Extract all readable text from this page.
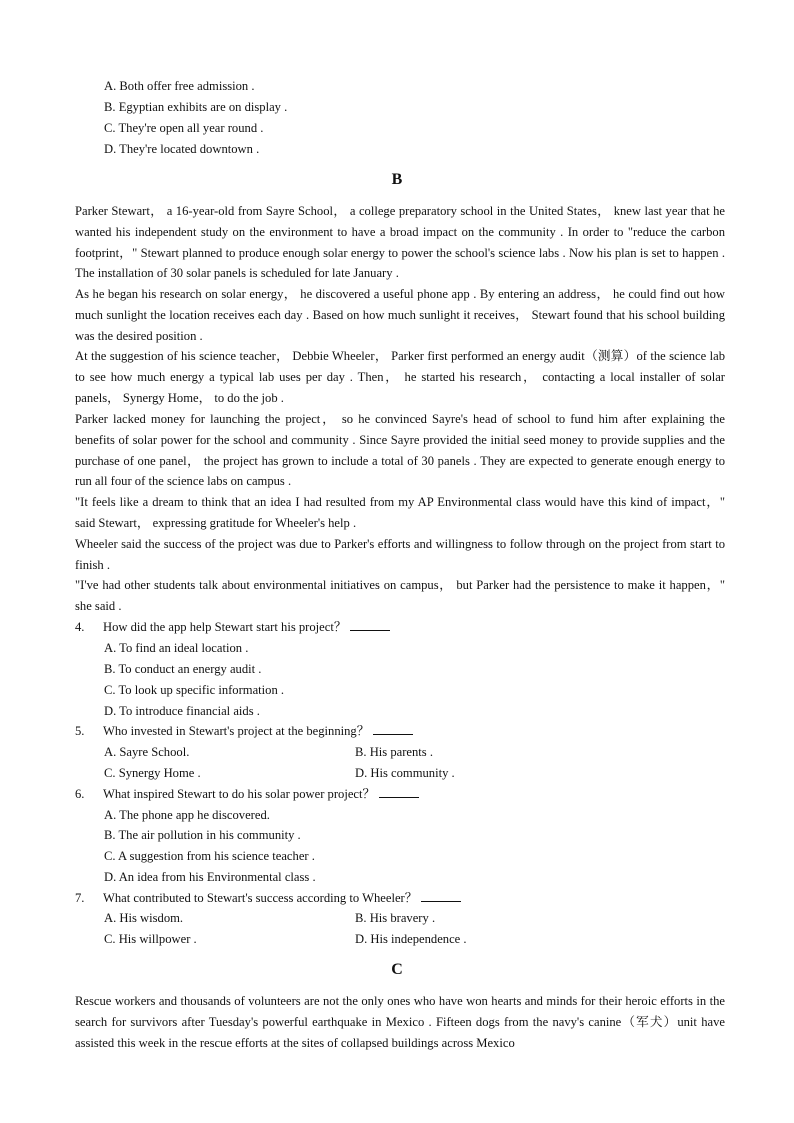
A. Both offer free admission .
B. Egyptian exhibits are on display .
C. They're open all year round .
D. They're located downtown .
B
Parker Stewart， a 16-year-old from Sayre School， a college preparatory school in the United States， knew last year that he wanted his independent study on the environment to have a broad impact on the community . In order to "reduce the carbon footprint，" Stewart planned to produce enough solar energy to power the school's science labs . Now his plan is set to happen . The installation of 30 solar panels is scheduled for late January .
As he began his research on solar energy， he discovered a useful phone app . By entering an address， he could find out how much sunlight the location receives each day . Based on how much sunlight it receives， Stewart found that his school building was the desired position .
At the suggestion of his science teacher， Debbie Wheeler， Parker first performed an energy audit（测算）of the science lab to see how much energy a typical lab uses per day . Then， he started his research， contacting a local installer of solar panels， Synergy Home， to do the job .
Parker lacked money for launching the project， so he convinced Sayre's head of school to fund him after explaining the benefits of solar power for the school and community . Since Sayre provided the initial seed money to provide supplies and the purchase of one panel， the project has grown to include a total of 30 panels . They are expected to generate enough energy to run all four of the science labs on campus .
"It feels like a dream to think that an idea I had resulted from my AP Environmental class would have this kind of impact，" said Stewart， expressing gratitude for Wheeler's help .
Wheeler said the success of the project was due to Parker's efforts and willingness to follow through on the project from start to finish .
"I've had other students talk about environmental initiatives on campus， but Parker had the persistence to make it happen，" she said .
4. How did the app help Stewart start his project？
A. To find an ideal location .
B. To conduct an energy audit .
C. To look up specific information .
D. To introduce financial aids .
5. Who invested in Stewart's project at the beginning？
A. Sayre School.	B. His parents .
C. Synergy Home .	D. His community .
6. What inspired Stewart to do his solar power project？
A. The phone app he discovered.
B. The air pollution in his community .
C. A suggestion from his science teacher .
D. An idea from his Environmental class .
7. What contributed to Stewart's success according to Wheeler？
A. His wisdom.	B. His bravery .
C. His willpower .	D. His independence .
C
Rescue workers and thousands of volunteers are not the only ones who have won hearts and minds for their heroic efforts in the search for survivors after Tuesday's powerful earthquake in Mexico . Fifteen dogs from the navy's canine（军犬）unit have assisted this week in the rescue efforts at the sites of collapsed buildings across Mexico
